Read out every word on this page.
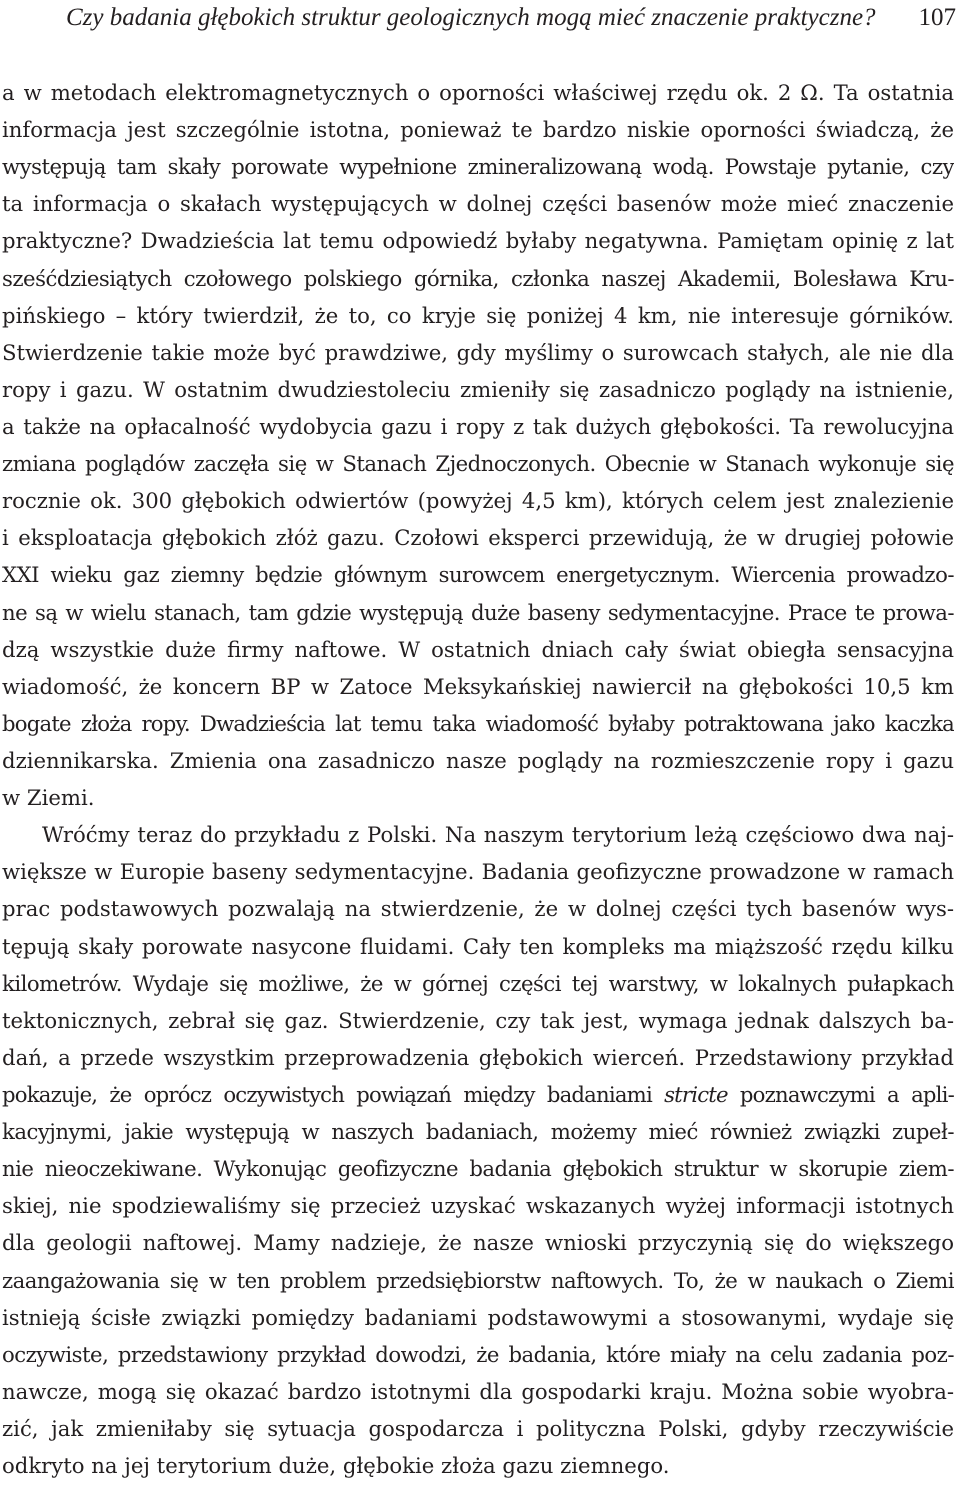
Czy badania głębokich struktur geologicznych mogą mieć znaczenie praktyczne? 107
a w metodach elektromagnetycznych o oporności właściwej rzędu ok. 2 Ω. Ta ostatnia
informacja jest szczególnie istotna, ponieważ te bardzo niskie oporności świadczą, że
występują tam skały porowate wypełnione zmineralizowaną wodą. Powstaje pytanie, czy
ta informacja o skałach występujących w dolnej części basenów może mieć znaczenie
praktyczne? Dwadzieścia lat temu odpowiedź byłaby negatywna. Pamiętam opinię z lat
sześćdziesiątych czołowego polskiego górnika, członka naszej Akademii, Bolesława Kru-
pińskiego – który twierdził, że to, co kryje się poniżej 4 km, nie interesuje górników.
Stwierdzenie takie może być prawdziwe, gdy myślimy o surowcach stałych, ale nie dla
ropy i gazu. W ostatnim dwudziestoleciu zmieniły się zasadniczo poglądy na istnienie,
a także na opłacalność wydobycia gazu i ropy z tak dużych głębokości. Ta rewolucyjna
zmiana poglądów zaczęła się w Stanach Zjednoczonych. Obecnie w Stanach wykonuje się
rocznie ok. 300 głębokich odwiertów (powyżej 4,5 km), których celem jest znalezienie
i eksploatacja głębokich złóż gazu. Czołowi eksperci przewidują, że w drugiej połowie
XXI wieku gaz ziemny będzie głównym surowcem energetycznym. Wiercenia prowadzo-
ne są w wielu stanach, tam gdzie występują duże baseny sedymentacyjne. Prace te prowa-
dzą wszystkie duże firmy naftowe. W ostatnich dniach cały świat obiegła sensacyjna
wiadomość, że koncern BP w Zatoce Meksykańskiej nawiercił na głębokości 10,5 km
bogate złoża ropy. Dwadzieścia lat temu taka wiadomość byłaby potraktowana jako kaczka
dziennikarska. Zmienia ona zasadniczo nasze poglądy na rozmieszczenie ropy i gazu
w Ziemi.
Wróćmy teraz do przykładu z Polski. Na naszym terytorium leżą częściowo dwa naj-
większe w Europie baseny sedymentacyjne. Badania geofizyczne prowadzone w ramach
prac podstawowych pozwalają na stwierdzenie, że w dolnej części tych basenów wys-
tępują skały porowate nasycone fluidami. Cały ten kompleks ma miąższość rzędu kilku
kilometrów. Wydaje się możliwe, że w górnej części tej warstwy, w lokalnych pułapkach
tektonicznych, zebrał się gaz. Stwierdzenie, czy tak jest, wymaga jednak dalszych ba-
dań, a przede wszystkim przeprowadzenia głębokich wierceń. Przedstawiony przykład
pokazuje, że oprócz oczywistych powiązań między badaniami stricte poznawczymi a apli-
kacyjnymi, jakie występują w naszych badaniach, możemy mieć również związki zupeł-
nie nieoczekiwane. Wykonując geofizyczne badania głębokich struktur w skorupie ziem-
skiej, nie spodziewaliśmy się przecież uzyskać wskazanych wyżej informacji istotnych
dla geologii naftowej. Mamy nadzieje, że nasze wnioski przyczynią się do większego
zaangażowania się w ten problem przedsiębiorstw naftowych. To, że w naukach o Ziemi
istnieją ścisłe związki pomiędzy badaniami podstawowymi a stosowanymi, wydaje się
oczywiste, przedstawiony przykład dowodzi, że badania, które miały na celu zadania poz-
nawcze, mogą się okazać bardzo istotnymi dla gospodarki kraju. Można sobie wyobra-
zić, jak zmieniłaby się sytuacja gospodarcza i polityczna Polski, gdyby rzeczywiście
odkryto na jej terytorium duże, głębokie złoża gazu ziemnego.
